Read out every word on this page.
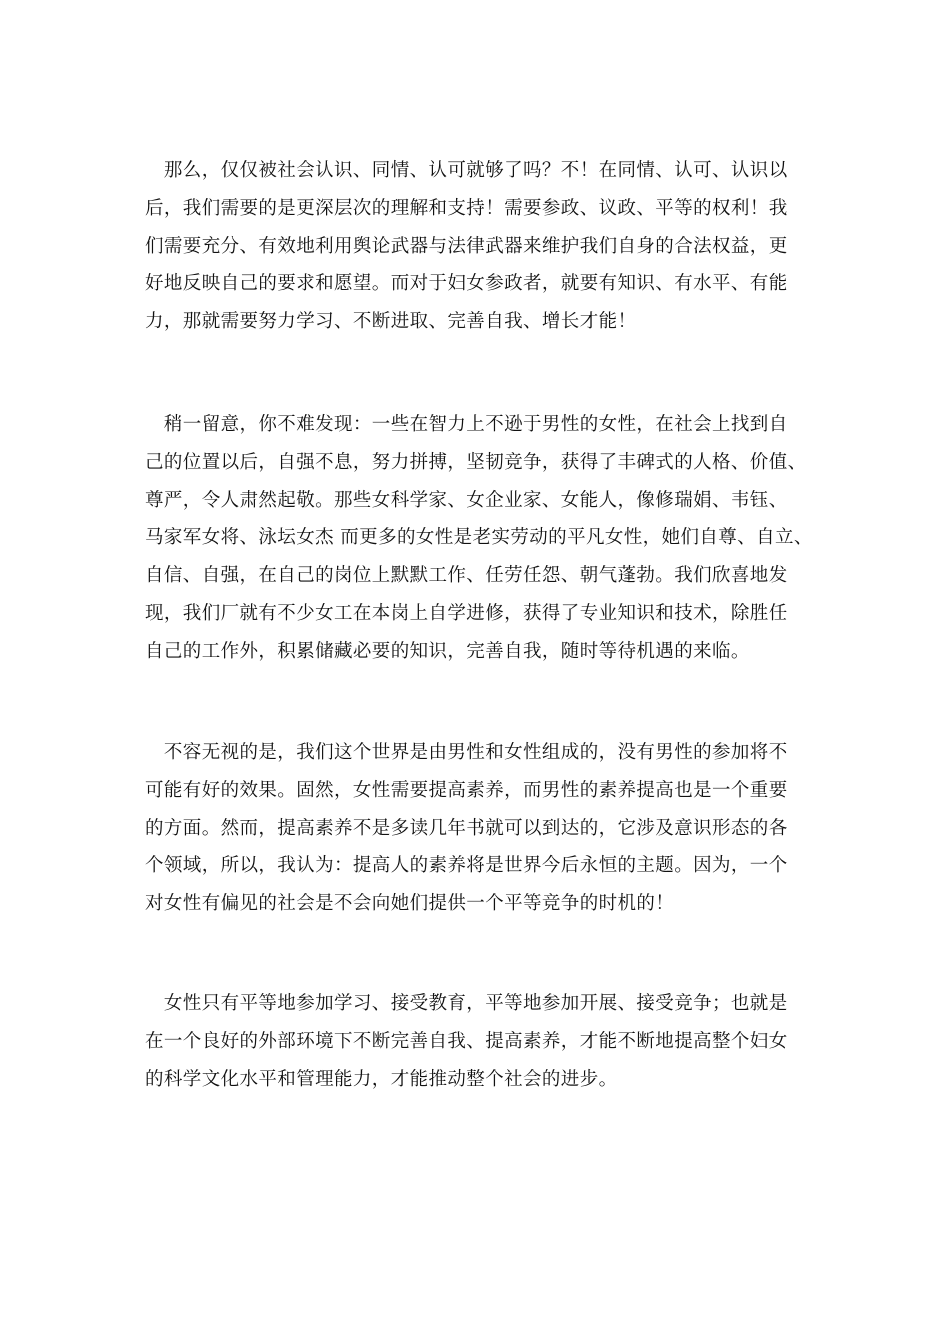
　那么，仅仅被社会认识、同情、认可就够了吗？不！在同情、认可、认识以
后，我们需要的是更深层次的理解和支持！需要参政、议政、平等的权利！我
们需要充分、有效地利用舆论武器与法律武器来维护我们自身的合法权益，更
好地反映自己的要求和愿望。而对于妇女参政者，就要有知识、有水平、有能
力，那就需要努力学习、不断进取、完善自我、增长才能！
　稍一留意，你不难发现：一些在智力上不逊于男性的女性，在社会上找到自
己的位置以后，自强不息，努力拼搏，坚韧竞争，获得了丰碑式的人格、价值、
尊严，令人肃然起敬。那些女科学家、女企业家、女能人，像修瑞娟、韦钰、
马家军女将、泳坛女杰 而更多的女性是老实劳动的平凡女性，她们自尊、自立、
自信、自强，在自己的岗位上默默工作、任劳任怨、朝气蓬勃。我们欣喜地发
现，我们厂就有不少女工在本岗上自学进修，获得了专业知识和技术，除胜任
自己的工作外，积累储藏必要的知识，完善自我，随时等待机遇的来临。
　不容无视的是，我们这个世界是由男性和女性组成的，没有男性的参加将不
可能有好的效果。固然，女性需要提高素养，而男性的素养提高也是一个重要
的方面。然而，提高素养不是多读几年书就可以到达的，它涉及意识形态的各
个领域，所以，我认为：提高人的素养将是世界今后永恒的主题。因为，一个
对女性有偏见的社会是不会向她们提供一个平等竞争的时机的！
　女性只有平等地参加学习、接受教育，平等地参加开展、接受竞争；也就是
在一个良好的外部环境下不断完善自我、提高素养，才能不断地提高整个妇女
的科学文化水平和管理能力，才能推动整个社会的进步。
